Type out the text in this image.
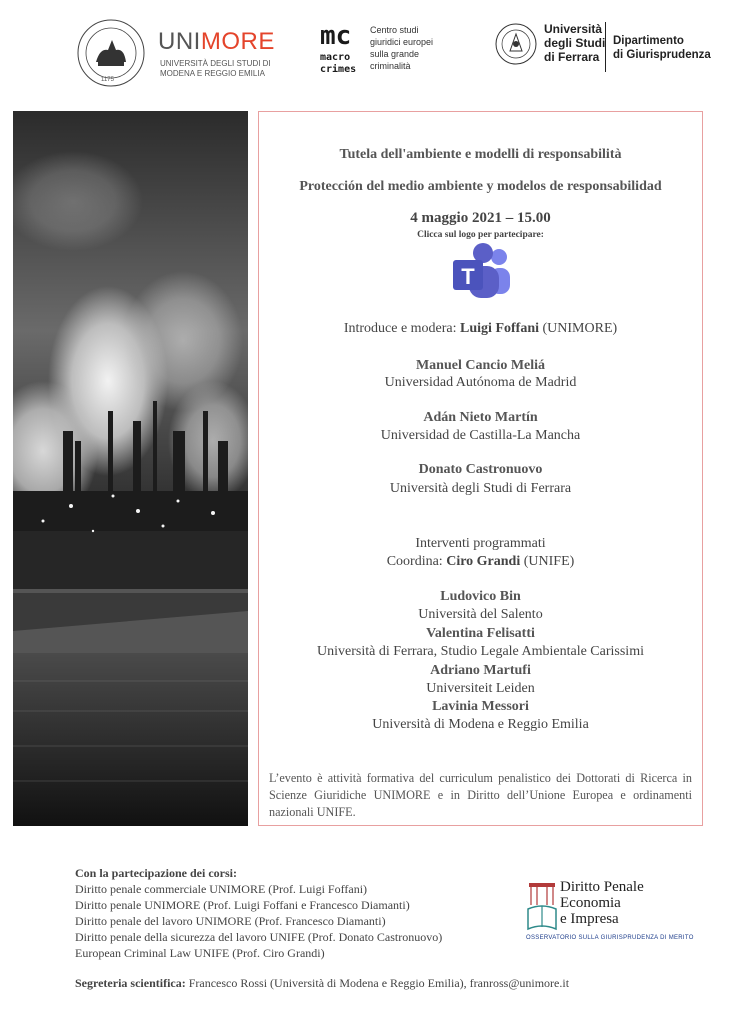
1175
UNIMORE
UNIVERSITÀ DEGLI STUDI DI
MODENA E REGGIO EMILIA
mc
macro
crimes
Centro studi
giuridici europei
sulla grande
criminalità
Università
degli Studi
di Ferrara
Dipartimento
di Giurisprudenza
Tutela dell'ambiente e modelli di responsabilità
Protección del medio ambiente y modelos de responsabilidad
4 maggio 2021 – 15.00
Clicca sul logo per partecipare:
T
Introduce e modera: Luigi Foffani (UNIMORE)
Manuel Cancio Meliá
Universidad Autónoma de Madrid
Adán Nieto Martín
Universidad de Castilla-La Mancha
Donato Castronuovo
Università degli Studi di Ferrara
Interventi programmati
Coordina: Ciro Grandi (UNIFE)
Ludovico Bin
Università del Salento
Valentina Felisatti
Università di Ferrara, Studio Legale Ambientale Carissimi
Adriano Martufi
Universiteit Leiden
Lavinia Messori
Università di Modena e Reggio Emilia
L’evento è attività formativa del curriculum penalistico dei Dottorati di Ricerca in Scienze Giuridiche UNIMORE e in Diritto dell’Unione Europea e ordinamenti nazionali UNIFE.
Con la partecipazione dei corsi:
Diritto penale commerciale UNIMORE (Prof. Luigi Foffani)
Diritto penale UNIMORE (Prof. Luigi Foffani e Francesco Diamanti)
Diritto penale del lavoro UNIMORE (Prof. Francesco Diamanti)
Diritto penale della sicurezza del lavoro UNIFE (Prof. Donato Castronuovo)
European Criminal Law UNIFE (Prof. Ciro Grandi)
Segreteria scientifica: Francesco Rossi (Università di Modena e Reggio Emilia), franross@unimore.it
Diritto Penale
Economia
e Impresa
OSSERVATORIO SULLA GIURISPRUDENZA DI MERITO
